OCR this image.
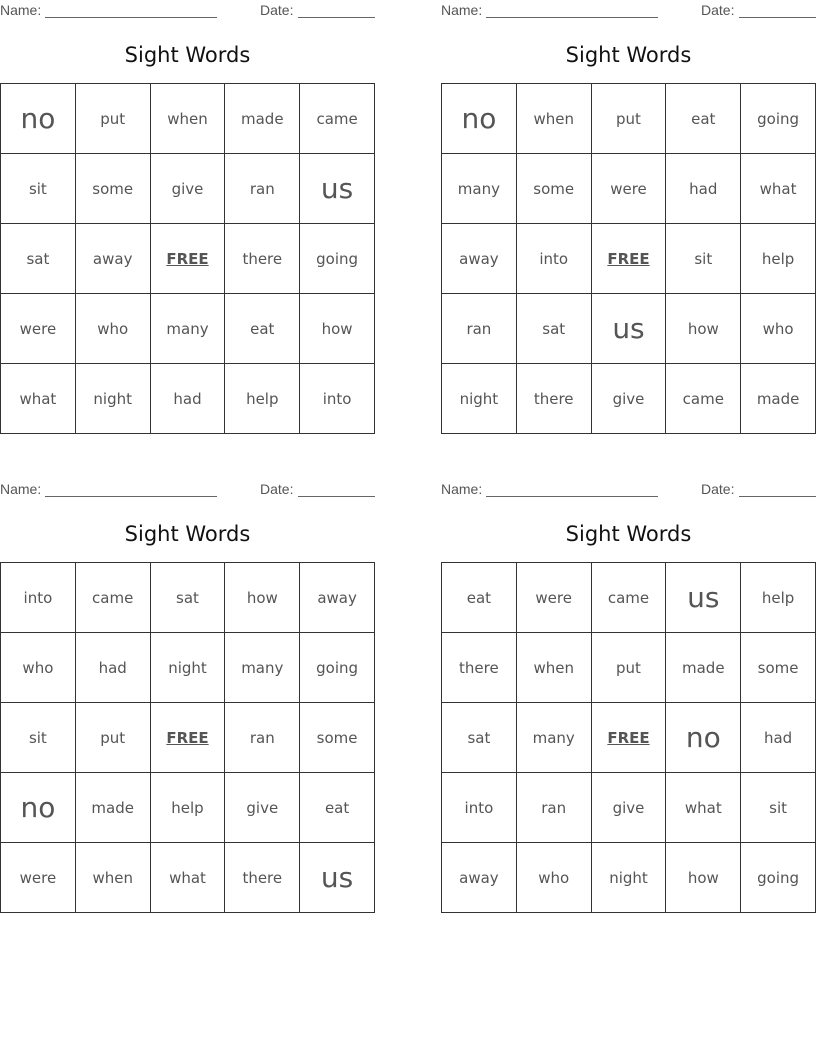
Name:	Date:
Sight Words
no	put	when	made	came
sit	some	give	ran	us
sat	away	FREE	there	going
were	who	many	eat	how
what	night	had	help	into
Name:	Date:
Sight Words
no	when	put	eat	going
many	some	were	had	what
away	into	FREE	sit	help
ran	sat	us	how	who
night	there	give	came	made
Name:	Date:
Sight Words
into	came	sat	how	away
who	had	night	many	going
sit	put	FREE	ran	some
no	made	help	give	eat
were	when	what	there	us
Name:	Date:
Sight Words
eat	were	came	us	help
there	when	put	made	some
sat	many	FREE	no	had
into	ran	give	what	sit
away	who	night	how	going
